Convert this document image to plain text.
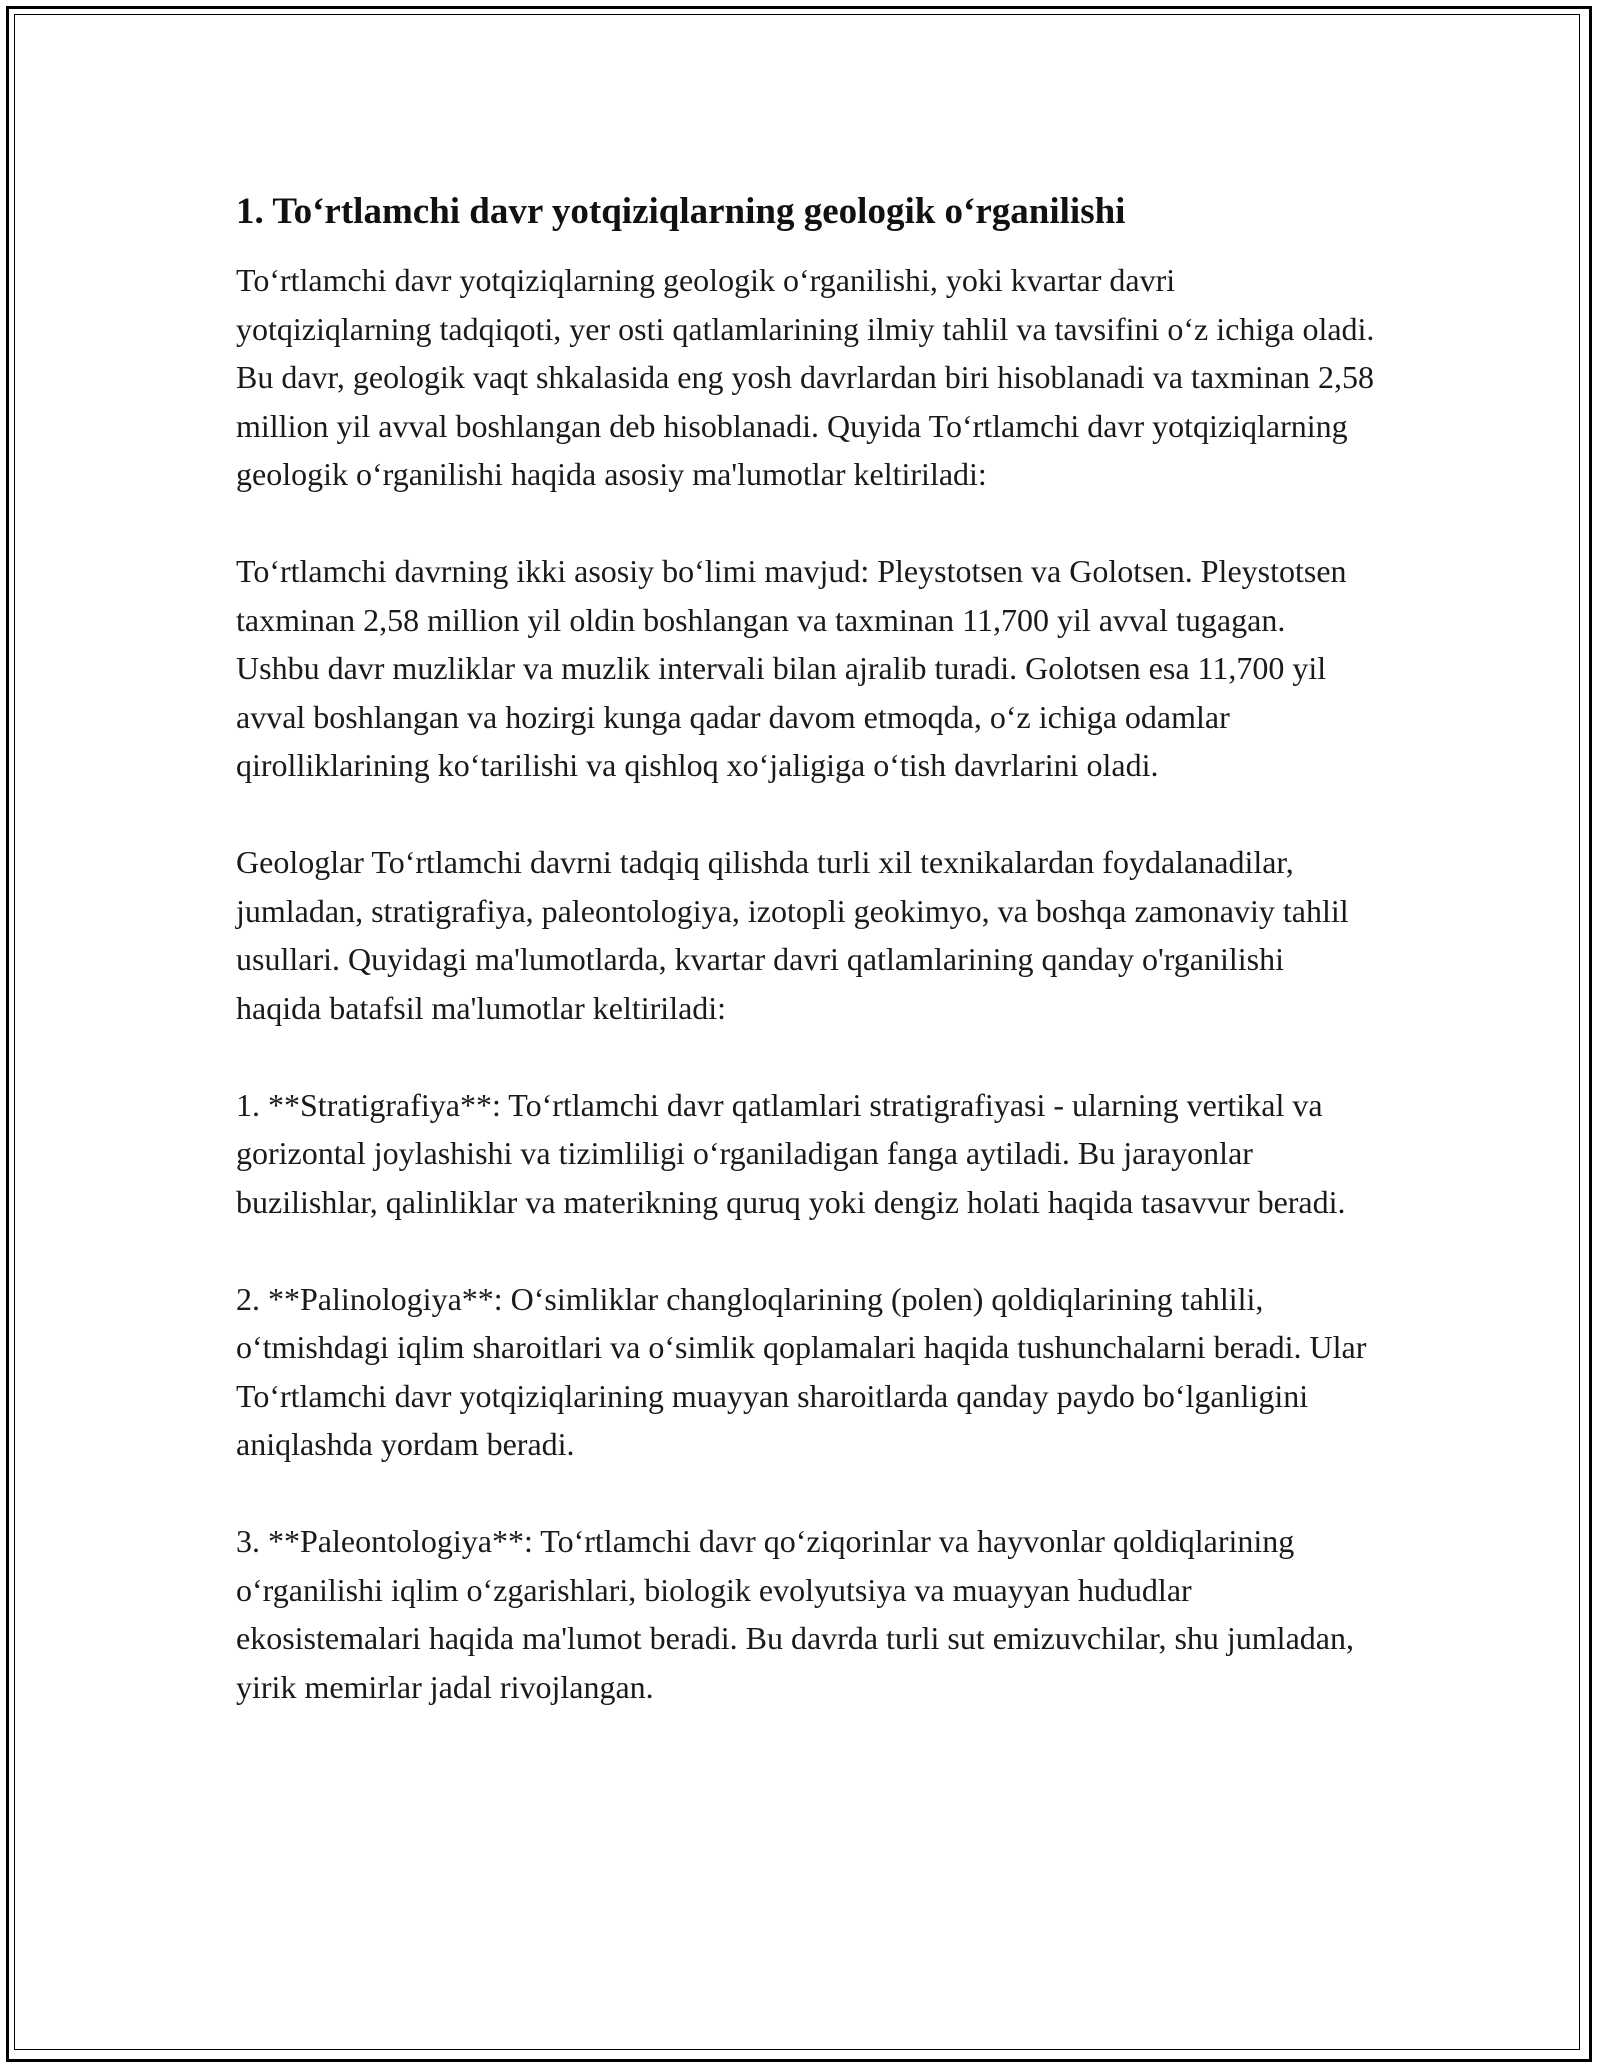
1. To‘rtlamchi davr yotqiziqlarning geologik o‘rganilishi

To‘rtlamchi davr yotqiziqlarning geologik o‘rganilishi, yoki kvartar davri yotqiziqlarning tadqiqoti, yer osti qatlamlarining ilmiy tahlil va tavsifini o‘z ichiga oladi. Bu davr, geologik vaqt shkalasida eng yosh davrlardan biri hisoblanadi va taxminan 2,58 million yil avval boshlangan deb hisoblanadi. Quyida To‘rtlamchi davr yotqiziqlarning geologik o‘rganilishi haqida asosiy ma'lumotlar keltiriladi:

To‘rtlamchi davrning ikki asosiy bo‘limi mavjud: Pleystotsen va Golotsen. Pleystotsen taxminan 2,58 million yil oldin boshlangan va taxminan 11,700 yil avval tugagan. Ushbu davr muzliklar va muzlik intervali bilan ajralib turadi. Golotsen esa 11,700 yil avval boshlangan va hozirgi kunga qadar davom etmoqda, o‘z ichiga odamlar qirolliklarining ko‘tarilishi va qishloq xo‘jaligiga o‘tish davrlarini oladi.

Geologlar To‘rtlamchi davrni tadqiq qilishda turli xil texnikalardan foydalanadilar, jumladan, stratigrafiya, paleontologiya, izotopli geokimyo, va boshqa zamonaviy tahlil usullari. Quyidagi ma'lumotlarda, kvartar davri qatlamlarining qanday o'rganilishi haqida batafsil ma'lumotlar keltiriladi:

1. **Stratigrafiya**: To‘rtlamchi davr qatlamlari stratigrafiyasi - ularning vertikal va gorizontal joylashishi va tizimliligi o‘rganiladigan fanga aytiladi. Bu jarayonlar buzilishlar, qalinliklar va materikning quruq yoki dengiz holati haqida tasavvur beradi.

2. **Palinologiya**: O‘simliklar changloqlarining (polen) qoldiqlarining tahlili, o‘tmishdagi iqlim sharoitlari va o‘simlik qoplamalari haqida tushunchalarni beradi. Ular To‘rtlamchi davr yotqiziqlarining muayyan sharoitlarda qanday paydo bo‘lganligini aniqlashda yordam beradi.

3. **Paleontologiya**: To‘rtlamchi davr qo‘ziqorinlar va hayvonlar qoldiqlarining o‘rganilishi iqlim o‘zgarishlari, biologik evolyutsiya va muayyan hududlar ekosistemalari haqida ma'lumot beradi. Bu davrda turli sut emizuvchilar, shu jumladan, yirik memirlar jadal rivojlangan.
